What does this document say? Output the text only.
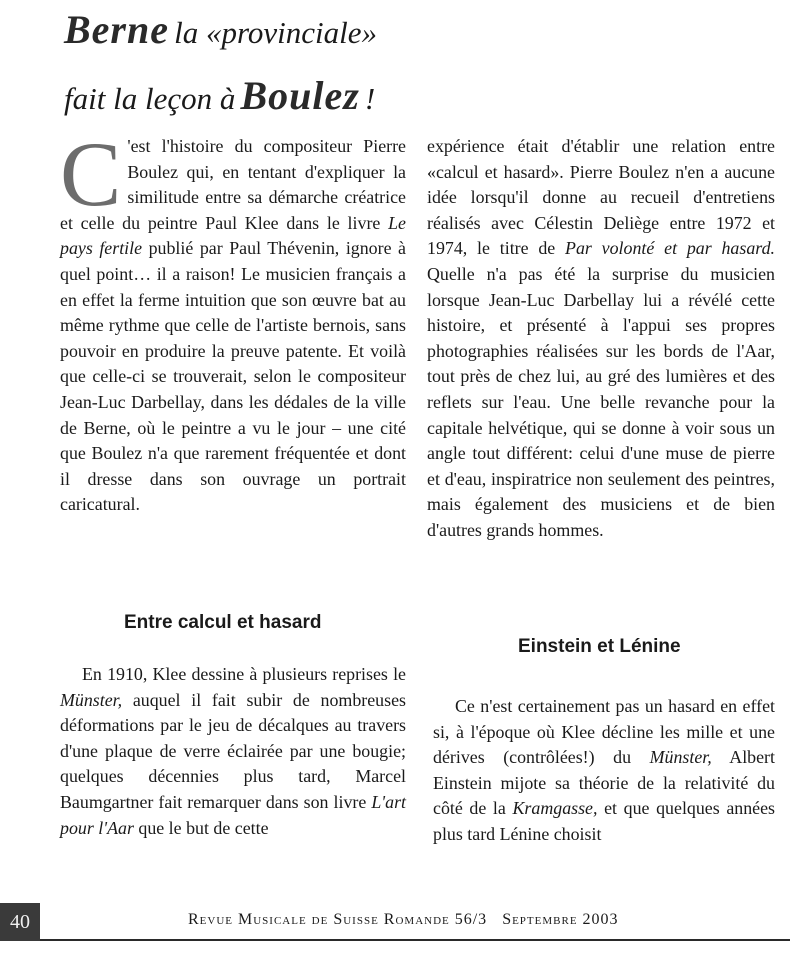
Berne la «provinciale»
fait la leçon à Boulez !
C 'est l'histoire du compositeur Pierre Boulez qui, en tentant d'expliquer la similitude entre sa démarche créatrice et celle du peintre Paul Klee dans le livre Le pays fertile publié par Paul Thévenin, ignore à quel point… il a raison! Le musicien français a en effet la ferme intuition que son œuvre bat au même rythme que celle de l'artiste bernois, sans pouvoir en produire la preuve patente. Et voilà que celle-ci se trouverait, selon le compositeur Jean-Luc Darbellay, dans les dédales de la ville de Berne, où le peintre a vu le jour – une cité que Boulez n'a que rarement fréquentée et dont il dresse dans son ouvrage un portrait caricatural.
expérience était d'établir une relation entre «calcul et hasard». Pierre Boulez n'en a aucune idée lorsqu'il donne au recueil d'entretiens réalisés avec Célestin Deliège entre 1972 et 1974, le titre de Par volonté et par hasard. Quelle n'a pas été la surprise du musicien lorsque Jean-Luc Darbellay lui a révélé cette histoire, et présenté à l'appui ses propres photographies réalisées sur les bords de l'Aar, tout près de chez lui, au gré des lumières et des reflets sur l'eau. Une belle revanche pour la capitale helvétique, qui se donne à voir sous un angle tout différent: celui d'une muse de pierre et d'eau, inspiratrice non seulement des peintres, mais également des musiciens et de bien d'autres grands hommes.
Entre calcul et hasard
En 1910, Klee dessine à plusieurs reprises le Münster, auquel il fait subir de nombreuses déformations par le jeu de décalques au travers d'une plaque de verre éclairée par une bougie; quelques décennies plus tard, Marcel Baumgartner fait remarquer dans son livre L'art pour l'Aar que le but de cette
Einstein et Lénine
Ce n'est certainement pas un hasard en effet si, à l'époque où Klee décline les mille et une dérives (contrôlées!) du Münster, Albert Einstein mijote sa théorie de la relativité du côté de la Kramgasse, et que quelques années plus tard Lénine choisit
40	Revue Musicale de Suisse Romande 56/3 Septembre 2003
